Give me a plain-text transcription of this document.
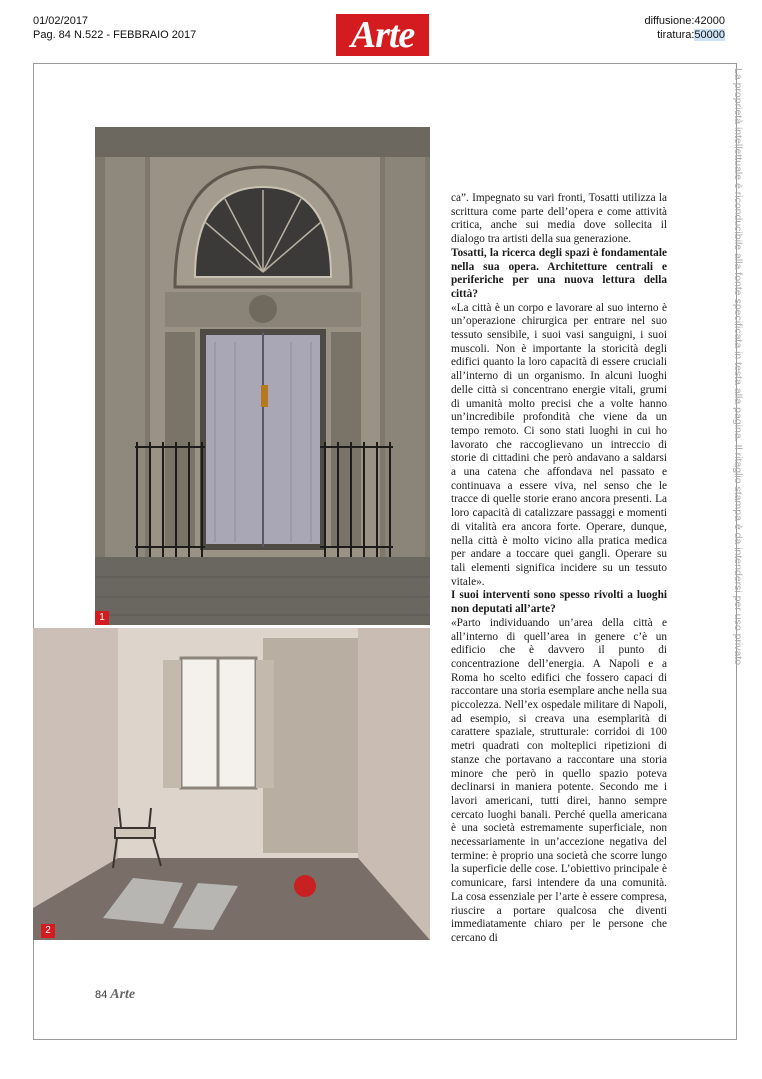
01/02/2017
Pag. 84 N.522 - FEBBRAIO 2017	Arte	diffusione:42000
tiratura:50000
La proprietà intellettuale è riconducibile alla fonte specificata in testa alla pagina. Il ritaglio stampa è da intendersi per uso privato
1
2

ca”. Impegnato su vari fronti, Tosatti utilizza la scrittura come parte dell’opera e come attività critica, anche sui media dove sollecita il dialogo tra artisti della sua generazione.

Tosatti, la ricerca degli spazi è fondamentale nella sua opera. Architetture centrali e periferiche per una nuova lettura della città?

«La città è un corpo e lavorare al suo interno è un’operazione chirurgica per entrare nel suo tessuto sensibile, i suoi vasi sanguigni, i suoi muscoli. Non è importante la storicità degli edifici quanto la loro capacità di essere cruciali all’interno di un organismo. In alcuni luoghi delle città si concentrano energie vitali, grumi di umanità molto precisi che a volte hanno un’incredibile profondità che viene da un tempo remoto. Ci sono stati luoghi in cui ho lavorato che raccoglievano un intreccio di storie di cittadini che però andavano a saldarsi a una catena che affondava nel passato e continuava a essere viva, nel senso che le tracce di quelle storie erano ancora presenti. La loro capacità di catalizzare passaggi e momenti di vitalità era ancora forte. Operare, dunque, nella città è molto vicino alla pratica medica per andare a toccare quei gangli. Operare su tali elementi significa incidere su un tessuto vitale».

I suoi interventi sono spesso rivolti a luoghi non deputati all’arte?

«Parto individuando un’area della città e all’interno di quell’area in genere c’è un edificio che è davvero il punto di concentrazione dell’energia. A Napoli e a Roma ho scelto edifici che fossero capaci di raccontare una storia esemplare anche nella sua piccolezza. Nell’ex ospedale militare di Napoli, ad esempio, si creava una esemplarità di carattere spaziale, strutturale: corridoi di 100 metri quadrati con molteplici ripetizioni di stanze che portavano a raccontare una storia minore che però in quello spazio poteva declinarsi in maniera potente. Secondo me i lavori americani, tutti direi, hanno sempre cercato luoghi banali. Perché quella americana è una società estremamente superficiale, non necessariamente in un’accezione negativa del termine: è proprio una società che scorre lungo la superficie delle cose. L’obiettivo principale è comunicare, farsi intendere da una comunità. La cosa essenziale per l’arte è essere compresa, riuscire a portare qualcosa che diventi immediatamente chiaro per le persone che cercano di

84 Arte
